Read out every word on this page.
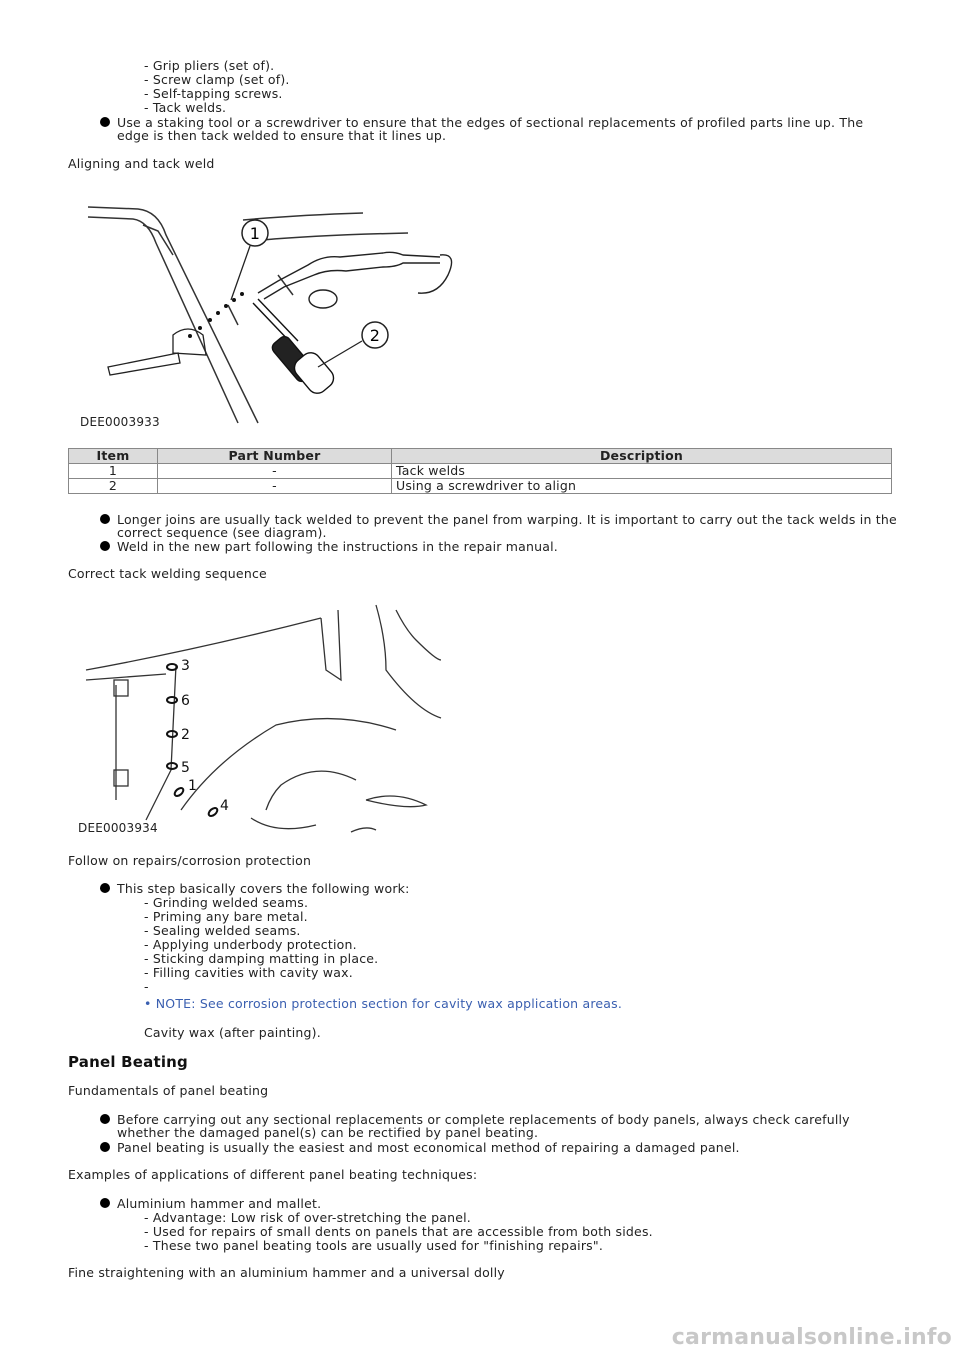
- Grip pliers (set of).
- Screw clamp (set of).
- Self-tapping screws.
- Tack welds.
Use a staking tool or a screwdriver to ensure that the edges of sectional replacements of profiled parts line up. The edge is then tack welded to ensure that it lines up.
Aligning and tack weld
1
2
DEE0003933
Item	Part Number	Description
1	-	Tack welds
2	-	Using a screwdriver to align
Longer joins are usually tack welded to prevent the panel from warping. It is important to carry out the tack welds in the correct sequence (see diagram).
Weld in the new part following the instructions in the repair manual.
Correct tack welding sequence
3
6
2
5
1
4
DEE0003934
Follow on repairs/corrosion protection
This step basically covers the following work:
- Grinding welded seams.
- Priming any bare metal.
- Sealing welded seams.
- Applying underbody protection.
- Sticking damping matting in place.
- Filling cavities with cavity wax.
-
• NOTE: See corrosion protection section for cavity wax application areas.
Cavity wax (after painting).
Panel Beating
Fundamentals of panel beating
Before carrying out any sectional replacements or complete replacements of body panels, always check carefully whether the damaged panel(s) can be rectified by panel beating.
Panel beating is usually the easiest and most economical method of repairing a damaged panel.
Examples of applications of different panel beating techniques:
Aluminium hammer and mallet.
- Advantage: Low risk of over-stretching the panel.
- Used for repairs of small dents on panels that are accessible from both sides.
- These two panel beating tools are usually used for "finishing repairs".
Fine straightening with an aluminium hammer and a universal dolly
carmanualsonline.info
